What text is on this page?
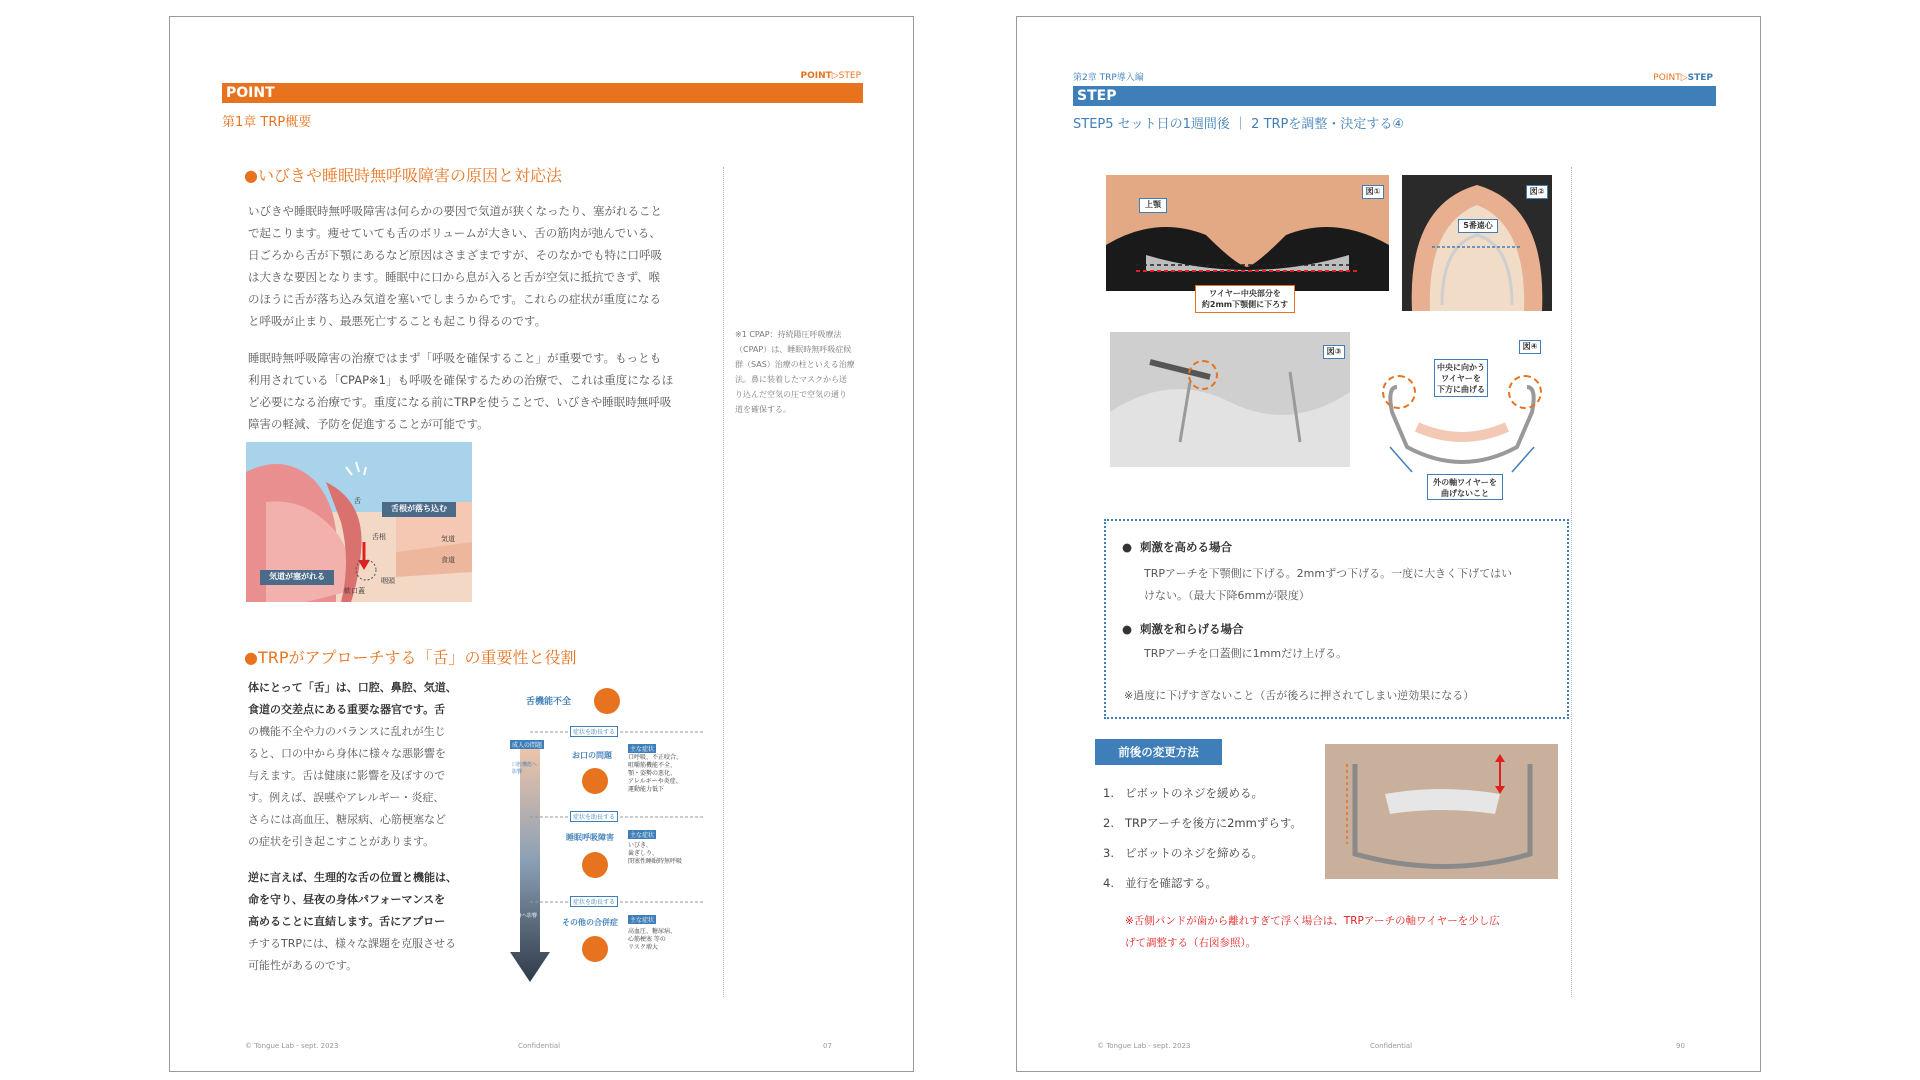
POINT▷STEP
POINT
第1章 TRP概要
●いびきや睡眠時無呼吸障害の原因と対応法
いびきや睡眠時無呼吸障害は何らかの要因で気道が狭くなったり、塞がれること
で起こります。痩せていても舌のボリュームが大きい、舌の筋肉が弛んでいる、
日ごろから舌が下顎にあるなど原因はさまざまですが、そのなかでも特に口呼吸
は大きな要因となります。睡眠中に口から息が入ると舌が空気に抵抗できず、喉
のほうに舌が落ち込み気道を塞いでしまうからです。これらの症状が重度になる
と呼吸が止まり、最悪死亡することも起こり得るのです。
睡眠時無呼吸障害の治療ではまず「呼吸を確保すること」が重要です。もっとも
利用されている「CPAP※1」も呼吸を確保するための治療で、これは重度になるほ
ど必要になる治療です。重度になる前にTRPを使うことで、いびきや睡眠時無呼吸
障害の軽減、予防を促進することが可能です。
※1 CPAP：持続陽圧呼吸療法
（CPAP）は、睡眠時無呼吸症候
群（SAS）治療の柱といえる治療
法。鼻に装着したマスクから送
り込んだ空気の圧で空気の通り
道を確保する。
舌根が落ち込む
気道が塞がれる
舌
舌根	気道
食道
咽頭
軟口蓋
●TRPがアプローチする「舌」の重要性と役割
体にとって「舌」は、口腔、鼻腔、気道、
食道の交差点にある重要な器官です。舌
の機能不全や力のバランスに乱れが生じ
ると、口の中から身体に様々な悪影響を
与えます。舌は健康に影響を及ぼすので
す。例えば、誤嚥やアレルギー・炎症、
さらには高血圧、糖尿病、心筋梗塞など
の症状を引き起こすことがあります。
逆に言えば、生理的な舌の位置と機能は、
命を守り、昼夜の身体パフォーマンスを
高めることに直結します。舌にアプロー
チするTRPには、様々な課題を克服させる
可能性があるのです。
舌機能不全
症状を助長する
成人の問題
お口の問題
主な症状
口呼吸、不正咬合、
咀嚼筋機能不全、
顎・姿勢の悪化、
アレルギーや炎症、
運動能力低下
口腔機能へ影響
症状を助長する
睡眠呼吸障害	主な症状
いびき、
歯ぎしり、
閉塞性睡眠時無呼吸
症状を助長する
全身へ影響
その他の合併症	主な症状
高血圧、糖尿病、
心筋梗塞 等の
リスク増大
© Tongue Lab ‐ sept. 2023	Confidential	07
第2章 TRP導入編	POINT▷STEP
STEP
STEP5 セット日の1週間後 ｜ 2 TRPを調整・決定する④
上顎
図①
ワイヤー中央部分を
約2mm下顎側に下ろす
図②
5番遠心
図③
図④
中央に向かう
ワイヤーを
下方に曲げる
外の軸ワイヤーを
曲げないこと
●  刺激を高める場合
TRPアーチを下顎側に下げる。2mmずつ下げる。一度に大きく下げてはい
けない。（最大下降6mmが限度）
●  刺激を和らげる場合
TRPアーチを口蓋側に1mmだけ上げる。
※過度に下げすぎないこと（舌が後ろに押されてしまい逆効果になる）
前後の変更方法
1. ピボットのネジを緩める。
2. TRPアーチを後方に2mmずらす。
3. ピボットのネジを締める。
4. 並行を確認する。
※舌側パンドが歯から離れすぎて浮く場合は、TRPアーチの軸ワイヤーを少し広
げて調整する（右図参照）。
© Tongue Lab ‐ sept. 2023	Confidential	90
